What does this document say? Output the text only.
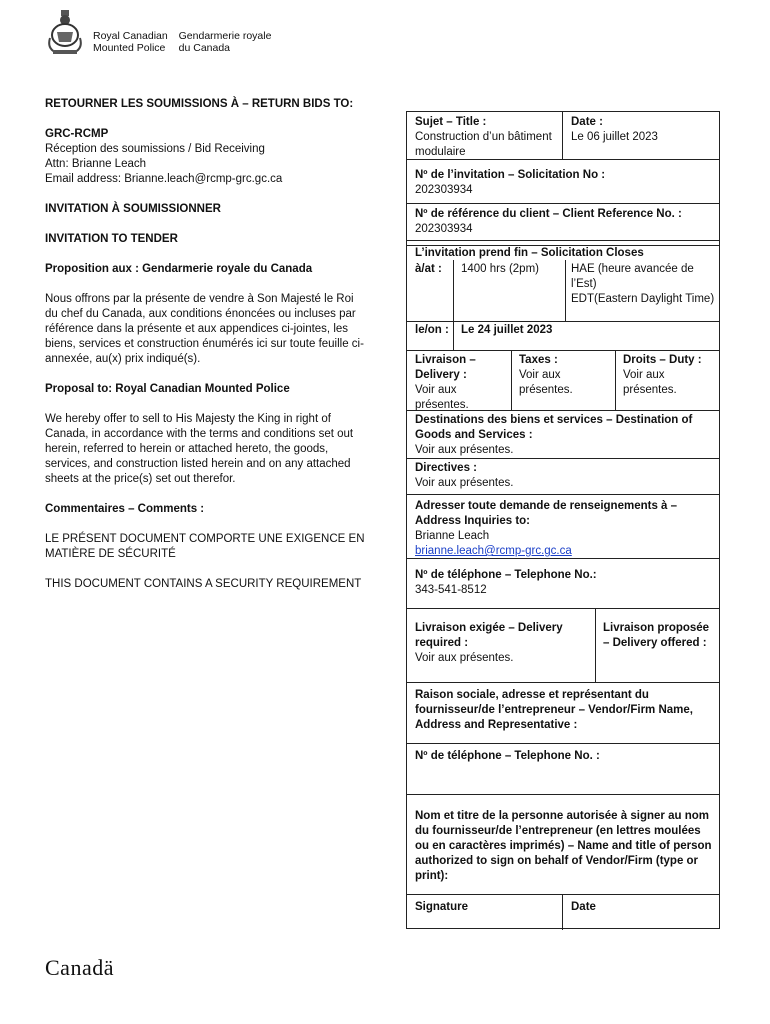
Royal Canadian
Mounted Police

Gendarmerie royale
du Canada

RETOURNER LES SOUMISSIONS À – RETURN BIDS TO:

GRC-RCMP
Réception des soumissions / Bid Receiving
Attn: Brianne Leach
Email address: Brianne.leach@rcmp-grc.gc.ca

INVITATION À SOUMISSIONNER

INVITATION TO TENDER

Proposition aux : Gendarmerie royale du Canada

Nous offrons par la présente de vendre à Son Majesté le Roi du chef du Canada, aux conditions énoncées ou incluses par référence dans la présente et aux appendices ci-jointes, les biens, services et construction énumérés ici sur toute feuille ci-annexée, au(x) prix indiqué(s).

Proposal to: Royal Canadian Mounted Police

We hereby offer to sell to His Majesty the King in right of Canada, in accordance with the terms and conditions set out herein, referred to herein or attached hereto, the goods, services, and construction listed herein and on any attached sheets at the price(s) set out therefor.

Commentaires – Comments :

LE PRÉSENT DOCUMENT COMPORTE UNE EXIGENCE EN MATIÈRE DE SÉCURITÉ

THIS DOCUMENT CONTAINS A SECURITY REQUIREMENT

Sujet – Title :
Construction d’un bâtiment modulaire
Date :
Le 06 juillet 2023
Nº de l’invitation – Solicitation No :
202303934
Nº de référence du client – Client Reference No. :
202303934
L’invitation prend fin – Solicitation Closes
à/at :	1400 hrs (2pm)	HAE (heure avancée de l’Est)
EDT(Eastern Daylight Time)
le/on : Le 24 juillet 2023
Livraison – Delivery :
Voir aux présentes.
Taxes :
Voir aux présentes.
Droits – Duty :
Voir aux présentes.
Destinations des biens et services – Destination of Goods and Services :
Voir aux présentes.
Directives :
Voir aux présentes.
Adresser toute demande de renseignements à – Address Inquiries to:
Brianne Leach
brianne.leach@rcmp-grc.gc.ca
Nº de téléphone – Telephone No.:
343-541-8512
Livraison exigée – Delivery required :
Voir aux présentes.
Livraison proposée – Delivery offered :
Raison sociale, adresse et représentant du fournisseur/de l’entrepreneur – Vendor/Firm Name, Address and Representative :
Nº de téléphone – Telephone No. :
Nom et titre de la personne autorisée à signer au nom du fournisseur/de l’entrepreneur (en lettres moulées ou en caractères imprimés) – Name and title of person authorized to sign on behalf of Vendor/Firm (type or print):
Signature	Date
Canadä
